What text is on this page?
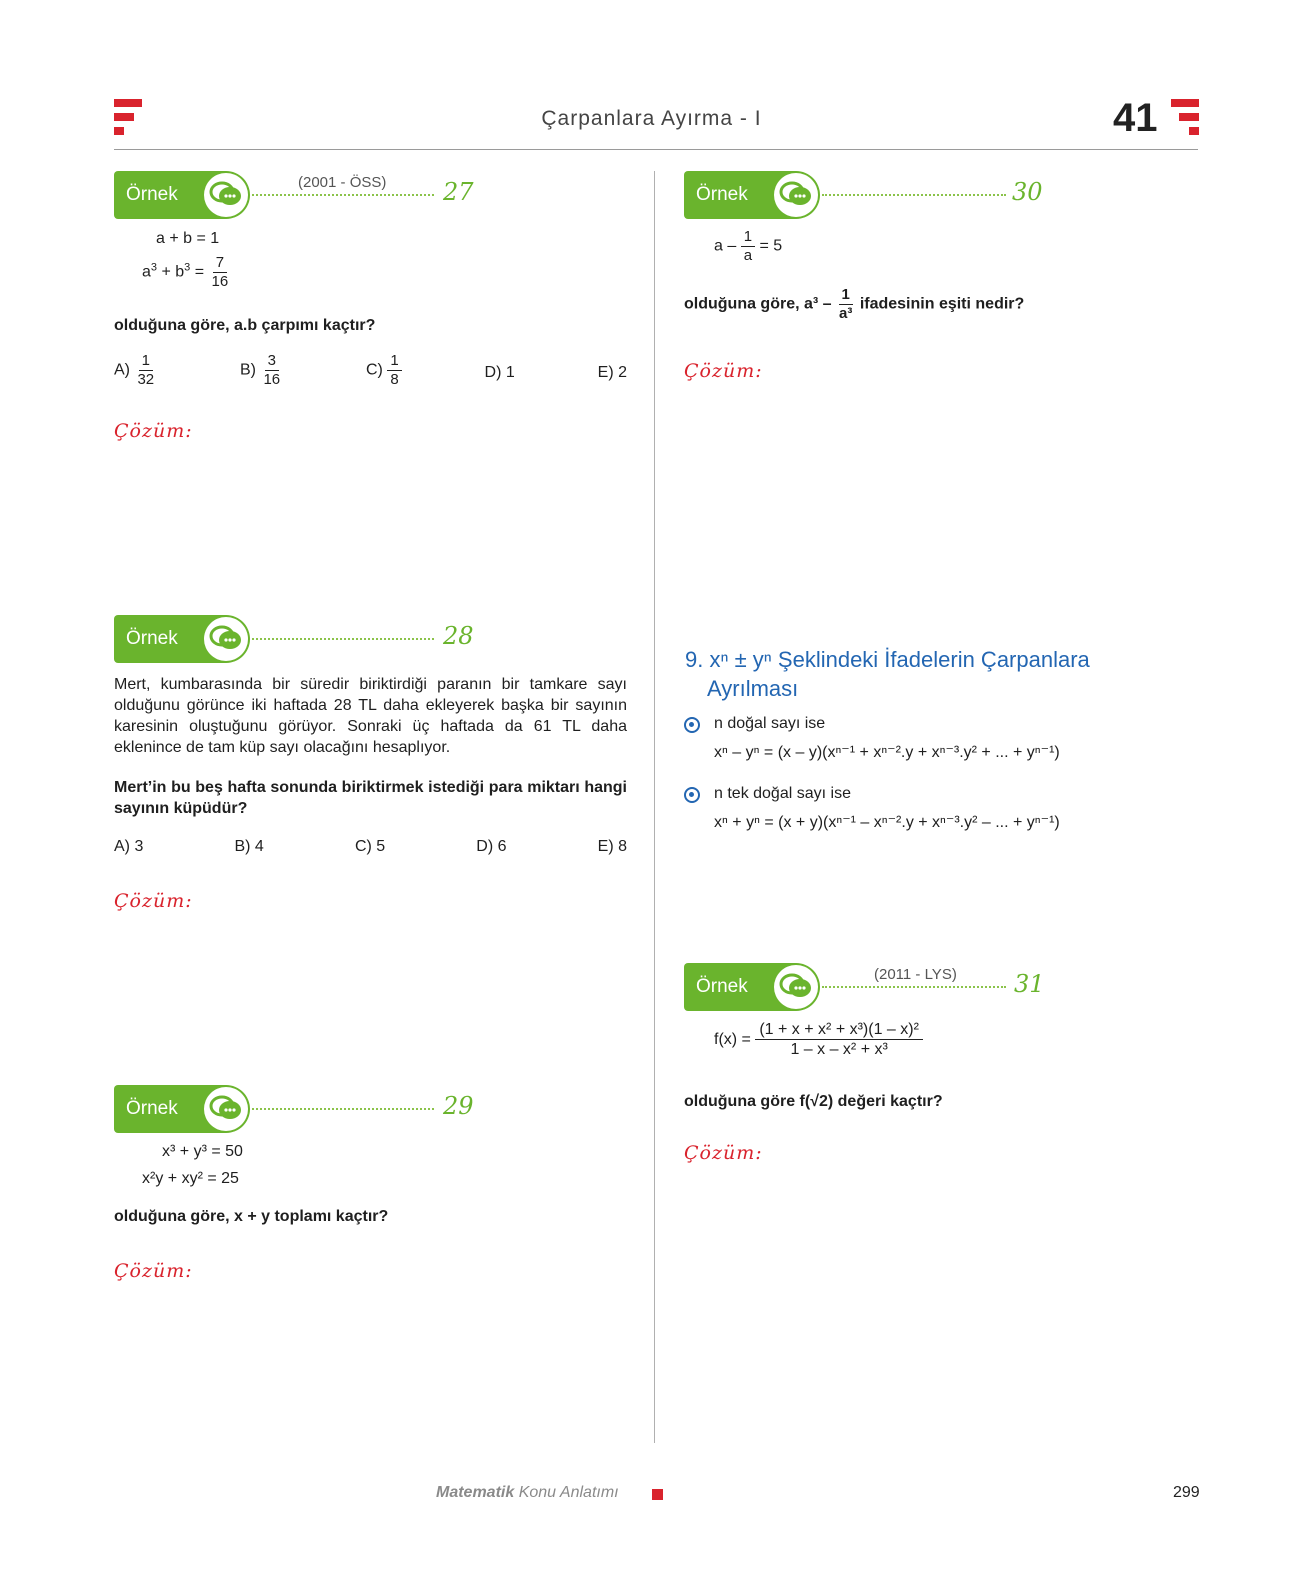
Çarpanlara Ayırma - I	41
Örnek
(2001 - ÖSS) 27
a + b = 1
$a^3 + b^3 = \frac{7}{16}$
olduğuna göre, a.b çarpımı kaçtır?
$A) \frac{1}{32}$	$B) \frac{3}{16}$	$C) \frac{1}{8}$	D) 1	E) 2
Çözüm:
Örnek	28
Mert, kumbarasında bir süredir biriktirdiği paranın bir tamkare sayı olduğunu görünce iki haftada 28 TL daha ekleyerek başka bir sayının karesinin oluştuğunu görüyor. Sonraki üç haftada da 61 TL daha eklenince de tam küp sayı olacağını hesaplıyor.
Mert’in bu beş hafta sonunda biriktirmek istediği para miktarı hangi sayının küpüdür?
A) 3	B) 4	C) 5	D) 6	E) 8
Çözüm:
Örnek	29
x³ + y³ = 50
x²y + xy² = 25
olduğuna göre, x + y toplamı kaçtır?
Çözüm:
Örnek	30
$a - \frac{1}{a} = 5$
olduğuna göre, $a^3 - \frac{1}{\text{a³}}$ ifadesinin eşiti nedir?
Çözüm:
9. xⁿ ± yⁿ Şeklindeki İfadelerin Çarpanlara
Ayrılması
n doğal sayı ise
xⁿ – yⁿ = (x – y)(xⁿ⁻¹ + xⁿ⁻².y + xⁿ⁻³.y² + ... + yⁿ⁻¹)
n tek doğal sayı ise
xⁿ + yⁿ = (x + y)(xⁿ⁻¹ – xⁿ⁻².y + xⁿ⁻³.y² – ... + yⁿ⁻¹)
Örnek
(2011 - LYS) 31
$f(x) = \frac{\text{(1 + x + x² + x³)(1 – x)²}}{\text{1 – x – x² + x³}}$
olduğuna göre f(√2) değeri kaçtır?
Çözüm:
Matematik Konu Anlatımı	299
